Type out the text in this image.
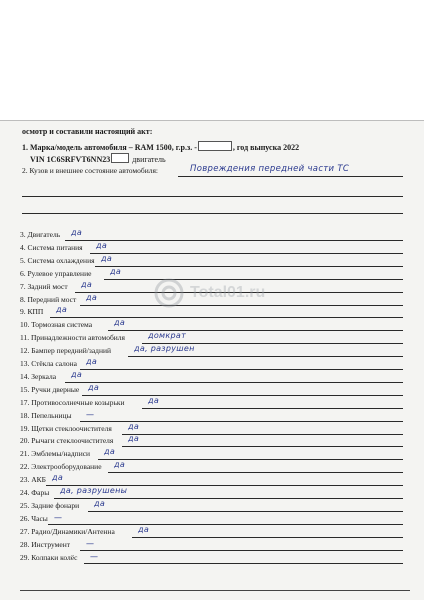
осмотр и составили настоящий акт:
1. Марка/модель автомобиля – RAM 1500, г.р.з. -	, год выпуска 2022
VIN 1C6SRFVT6NN23	двигатель
2. Кузов и внешнее состояние автомобиля:	Повреждения передней части ТС
3. Двигатель да
4. Система питания да
5. Система охлаждения да
6. Рулевое управление да
7. Задний мост да
8. Передний мост да
9. КПП да
10. Тормозная система	да
11. Принадлежности автомобиля	домкрат
12. Бампер передний/задний	да, разрушен
13. Стёкла салона да
14. Зеркала да
15. Ручки дверные да
17. Противосолнечные козырьки	да
18. Пепельницы —
19. Щетки стеклоочистителя да
20. Рычаги стеклоочистителя да
21. Эмблемы/надписи да
22. Электрооборудование да
23. АКБ да
24. Фары да, разрушены
25. Задние фонари да
26. Часы —
27. Радио/Динамики/Антенна	да
28. Инструмент —
29. Колпаки колёс —
Total01.ru
